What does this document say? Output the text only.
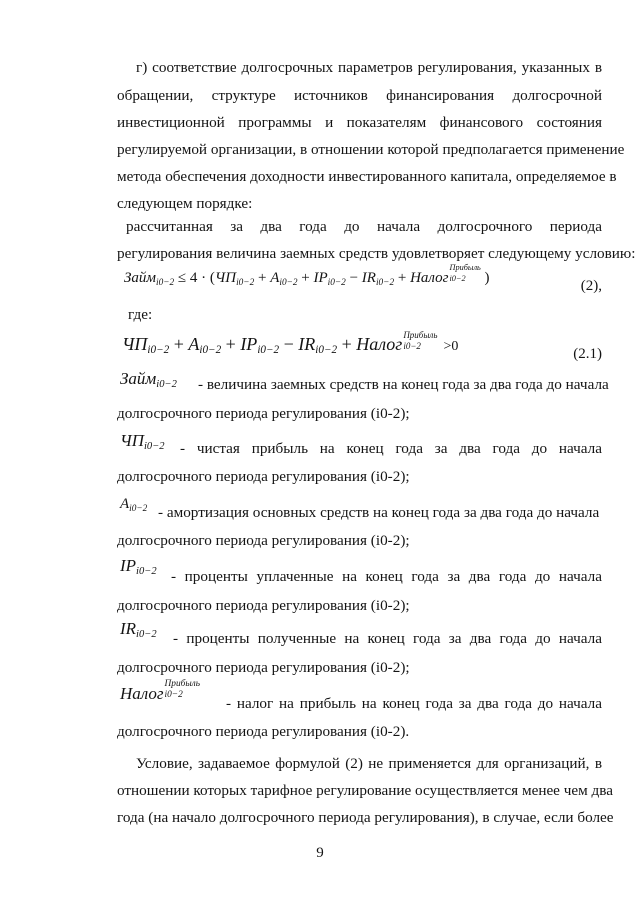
г) соответствие долгосрочных параметров регулирования, указанных в
обращении, структуре источников финансирования долгосрочной
инвестиционной программы и показателям финансового состояния
регулируемой организации, в отношении которой предполагается применение
метода обеспечения доходности инвестированного капитала, определяемое в
следующем порядке:
рассчитанная за два года до начала долгосрочного периода
регулирования величина заемных средств удовлетворяет следующему условию:
Займ$_{i0-2}$ ≤ $4 \cdot (ЧП_{i0-2} + А_{i0-2} + IP_{i0-2} - IR_{i0-2}$ + Налог
Прибыль
i0−2	)	(2),
где:
$ЧП_{i0-2} + А_{i0-2} + IP_{i0-2} - IR_{i0-2}$ + Налог Прибыль
i0−2	>0	(2.1)
Займ$_{i0-2}$ - величина заемных средств на конец года за два года до начала
долгосрочного периода регулирования (i0-2);
$ЧП_{i0-2}$ - чистая прибыль на конец года за два года до начала
долгосрочного периода регулирования (i0-2);
$А_{i0-2}$ - амортизация основных средств на конец года за два года до начала
долгосрочного периода регулирования (i0-2);
$IP_{i0-2}$ - проценты уплаченные на конец года за два года до начала
долгосрочного периода регулирования (i0-2);
$IR_{i0-2}$ - проценты полученные на конец года за два года до начала
долгосрочного периода регулирования (i0-2);
Налог
Прибыль
i0−2	- налог на прибыль на конец года за два года до начала
долгосрочного периода регулирования (i0-2).
Условие, задаваемое формулой (2) не применяется для организаций, в
отношении которых тарифное регулирование осуществляется менее чем два
года (на начало долгосрочного периода регулирования), в случае, если более
9
